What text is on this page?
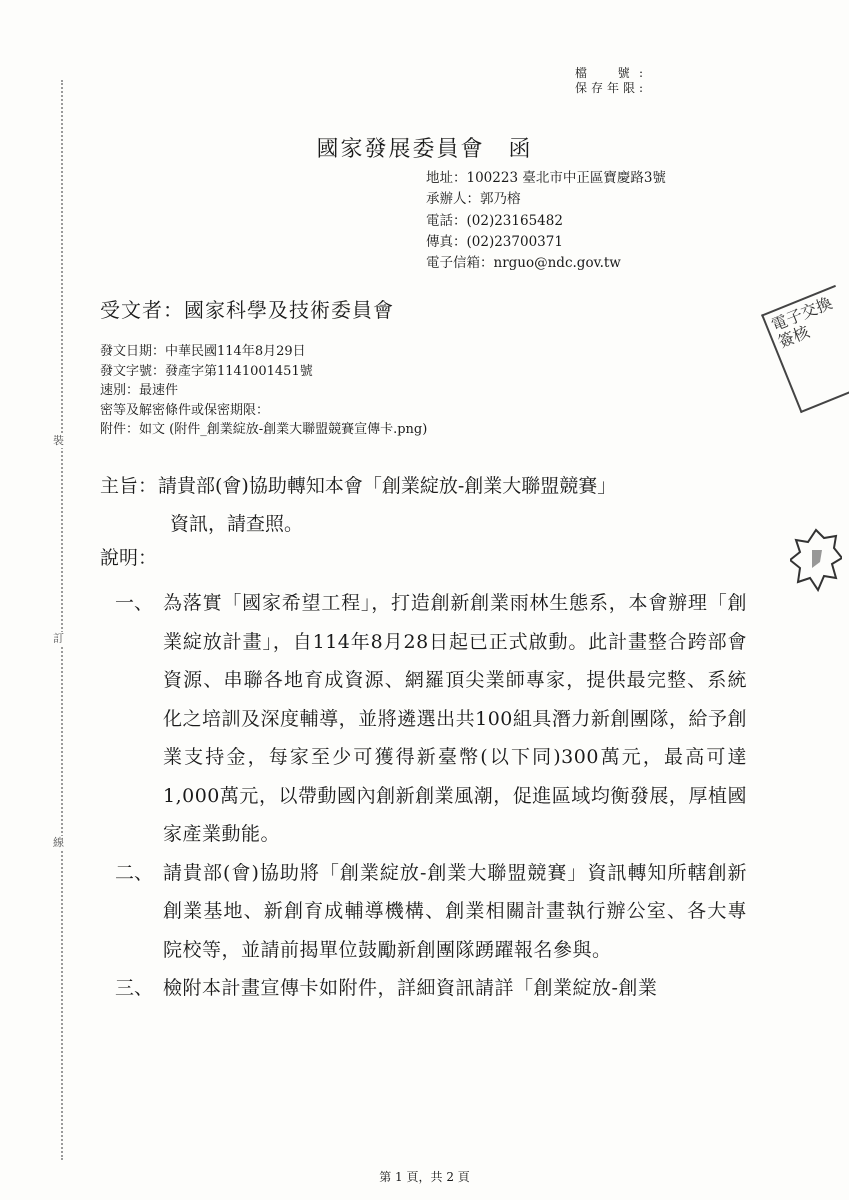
裝
訂
線
檔　號:
保存年限:
國家發展委員會　函
地址：100223 臺北市中正區寶慶路3號
承辦人：郭乃榕
電話：(02)23165482
傳真：(02)23700371
電子信箱：nrguo@ndc.gov.tw
受文者：國家科學及技術委員會
發文日期：中華民國114年8月29日
發文字號：發產字第1141001451號
速別：最速件
密等及解密條件或保密期限：
附件：如文 (附件_創業綻放-創業大聯盟競賽宣傳卡.png)
主旨： 請貴部(會)協助轉知本會「創業綻放-創業大聯盟競賽」
資訊，請查照。
說明：
一、 為落實「國家希望工程」，打造創新創業雨林生態系，本會辦理「創業綻放計畫」，自114年8月28日起已正式啟動。此計畫整合跨部會資源、串聯各地育成資源、網羅頂尖業師專家，提供最完整、系統化之培訓及深度輔導，並將遴選出共100組具潛力新創團隊，給予創業支持金，每家至少可獲得新臺幣(以下同)300萬元，最高可達1,000萬元，以帶動國內創新創業風潮，促進區域均衡發展，厚植國家產業動能。
二、 請貴部(會)協助將「創業綻放-創業大聯盟競賽」資訊轉知所轄創新創業基地、新創育成輔導機構、創業相關計畫執行辦公室、各大專院校等，並請前揭單位鼓勵新創團隊踴躍報名參與。
三、 檢附本計畫宣傳卡如附件，詳細資訊請詳「創業綻放-創業
電子交換簽核
第 1 頁，共 2 頁
